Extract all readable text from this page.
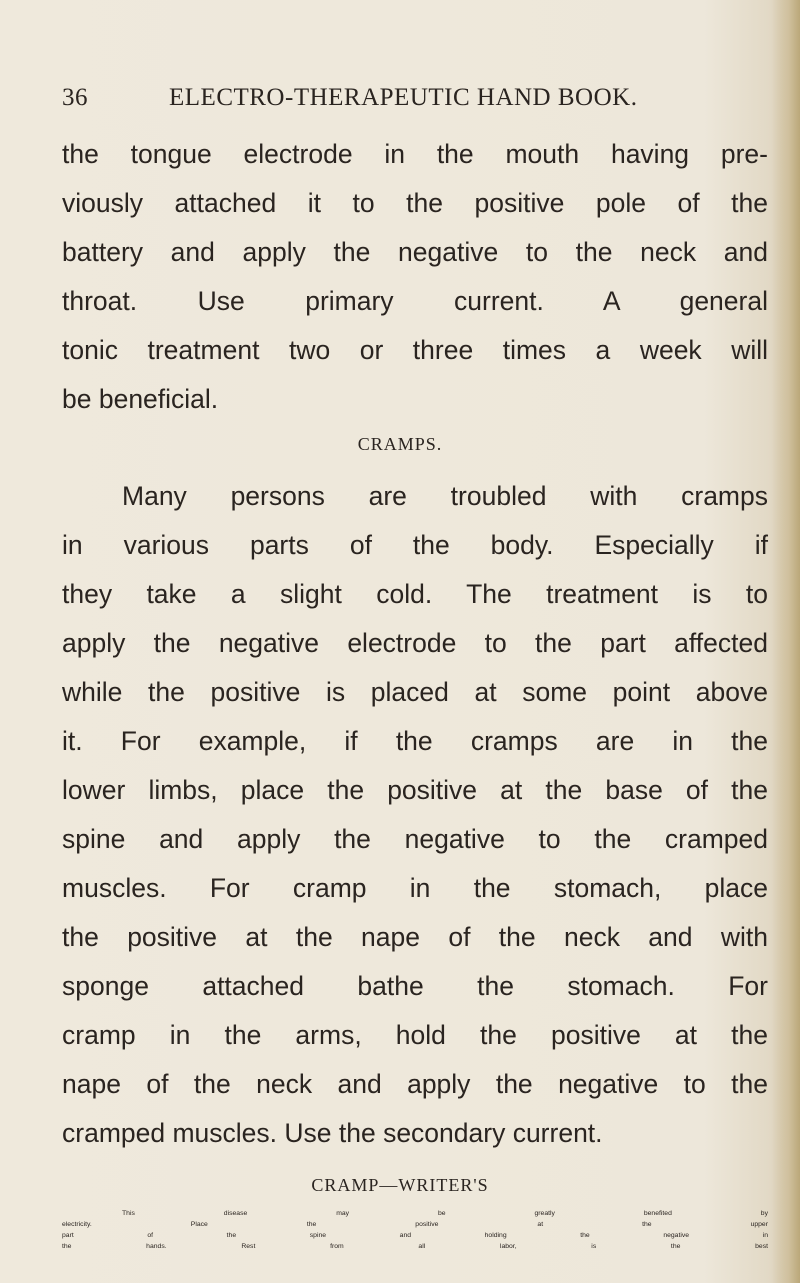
36	ELECTRO-THERAPEUTIC HAND BOOK.
the tongue electrode in the mouth having pre-
viously attached it to the positive pole of the
battery and apply the negative to the neck and
throat. Use primary current. A general
tonic treatment two or three times a week will
be beneficial.
CRAMPS.
Many persons are troubled with cramps
in various parts of the body. Especially if
they take a slight cold. The treatment is to
apply the negative electrode to the part affected
while the positive is placed at some point above
it. For example, if the cramps are in the
lower limbs, place the positive at the base of the
spine and apply the negative to the cramped
muscles. For cramp in the stomach, place
the positive at the nape of the neck and with
sponge attached bathe the stomach. For
cramp in the arms, hold the positive at the
nape of the neck and apply the negative to the
cramped muscles. Use the secondary current.
CRAMP—WRITER'S
This disease may be greatly benefited by
electricity. Place the positive at the upper
part of the spine and holding the negative in
the hands. Rest from all labor, is the best
